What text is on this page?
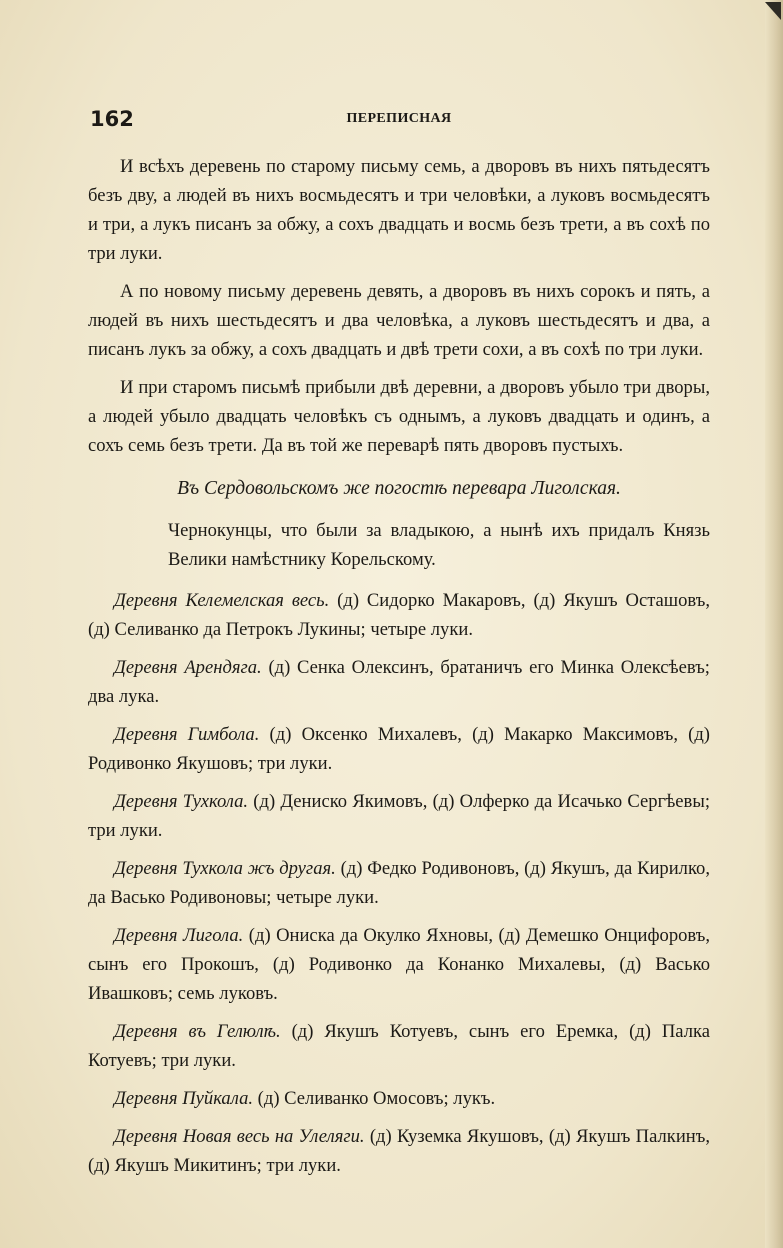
162	ПЕРЕПИСНАЯ

И всѣхъ деревень по старому письму семь, а дворовъ въ нихъ пятьдесятъ безъ дву, а людей въ нихъ восмьдесятъ и три человѣки, а луковъ восмьдесятъ и три, а лукъ писанъ за обжу, а сохъ двадцать и восмь безъ трети, а въ сохѣ по три луки.

А по новому письму деревень девять, а дворовъ въ нихъ сорокъ и пять, а людей въ нихъ шестьдесятъ и два человѣка, а луковъ шестьдесятъ и два, а писанъ лукъ за обжу, а сохъ двадцать и двѣ трети сохи, а въ сохѣ по три луки.

И при старомъ письмѣ прибыли двѣ деревни, а дворовъ убыло три дворы, а людей убыло двадцать человѣкъ съ однымъ, а луковъ двадцать и одинъ, а сохъ семь безъ трети. Да въ той же переварѣ пять дворовъ пустыхъ.

Въ Сердовольскомъ же погостѣ перевара Лиголская.

Чернокунцы, что были за владыкою, а нынѣ ихъ придалъ Князь Велики намѣстнику Корельскому.

Деревня Келемелская весь. (д) Сидорко Макаровъ, (д) Якушъ Осташовъ, (д) Селиванко да Петрокъ Лукины; четыре луки.

Деревня Арендяга. (д) Сенка Олексинъ, братаничъ его Минка Олексѣевъ; два лука.

Деревня Гимбола. (д) Оксенко Михалевъ, (д) Макарко Максимовъ, (д) Родивонко Якушовъ; три луки.

Деревня Тухкола. (д) Дениско Якимовъ, (д) Олферко да Исачько Сергѣевы; три луки.

Деревня Тухкола жъ другая. (д) Федко Родивоновъ, (д) Якушъ, да Кирилко, да Васько Родивоновы; четыре луки.

Деревня Лигола. (д) Ониска да Окулко Яхновы, (д) Демешко Онцифоровъ, сынъ его Прокошъ, (д) Родивонко да Конанко Михалевы, (д) Васько Ивашковъ; семь луковъ.

Деревня въ Гелюлѣ. (д) Якушъ Котуевъ, сынъ его Еремка, (д) Палка Котуевъ; три луки.

Деревня Пуйкала. (д) Селиванко Омосовъ; лукъ.

Деревня Новая весь на Улеляги. (д) Куземка Якушовъ, (д) Якушъ Палкинъ, (д) Якушъ Микитинъ; три луки.
